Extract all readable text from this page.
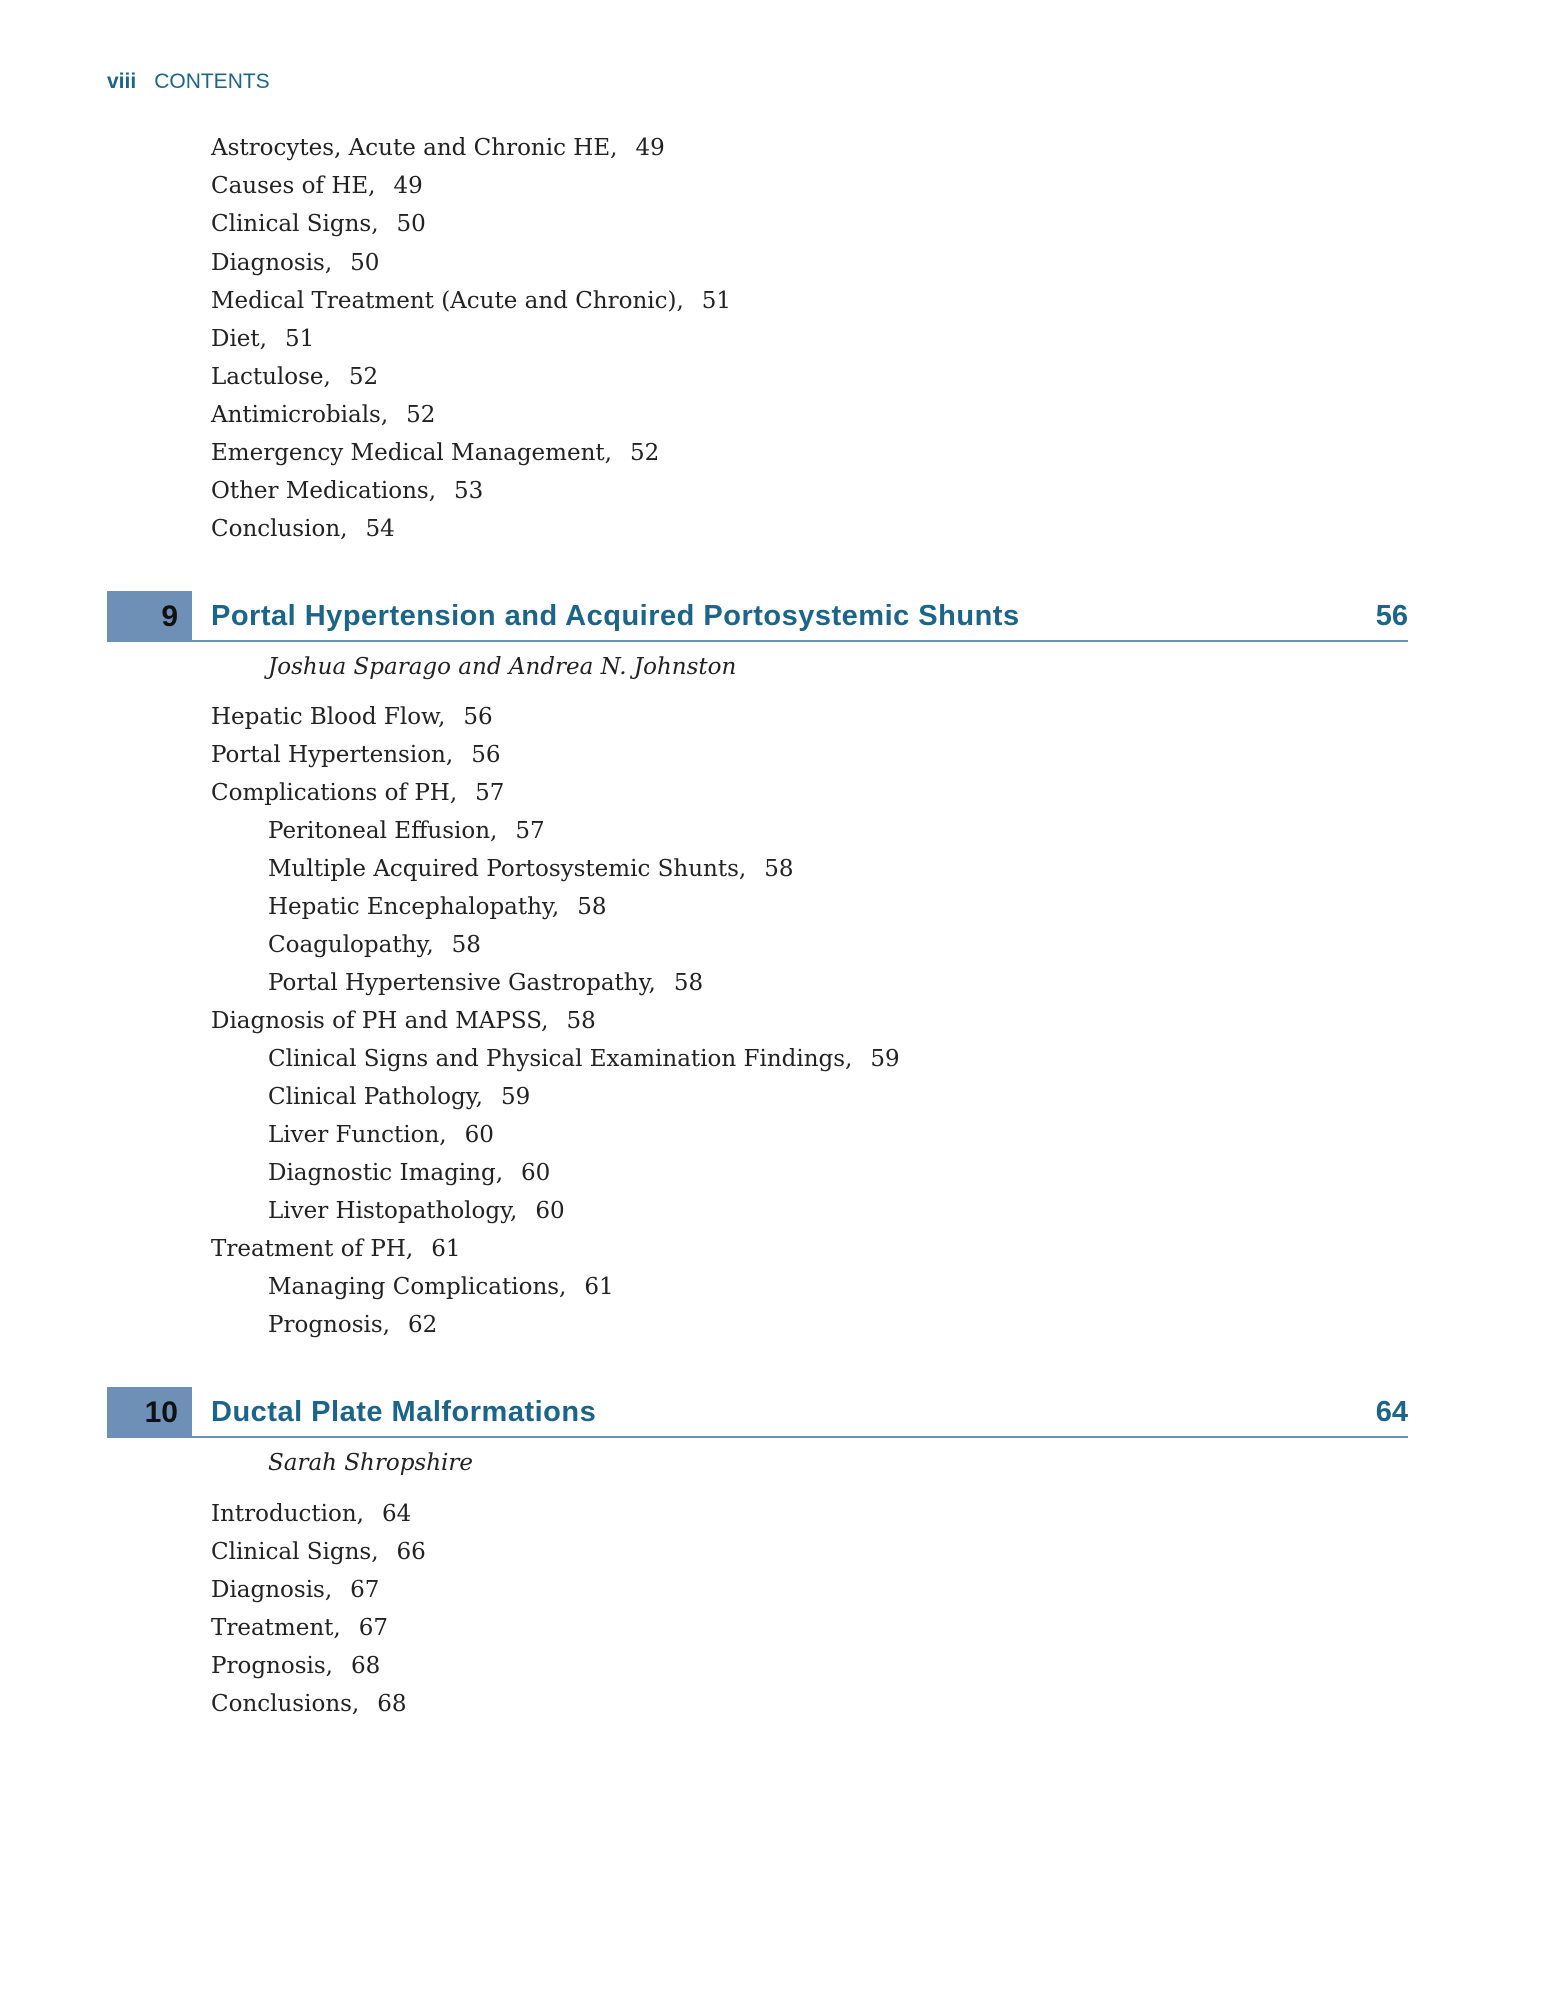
viii CONTENTS
Astrocytes, Acute and Chronic HE, 49
Causes of HE, 49
Clinical Signs, 50
Diagnosis, 50
Medical Treatment (Acute and Chronic), 51
Diet, 51
Lactulose, 52
Antimicrobials, 52
Emergency Medical Management, 52
Other Medications, 53
Conclusion, 54
9	Portal Hypertension and Acquired Portosystemic Shunts	56
Joshua Sparago and Andrea N. Johnston
Hepatic Blood Flow, 56
Portal Hypertension, 56
Complications of PH, 57
Peritoneal Effusion, 57
Multiple Acquired Portosystemic Shunts, 58
Hepatic Encephalopathy, 58
Coagulopathy, 58
Portal Hypertensive Gastropathy, 58
Diagnosis of PH and MAPSS, 58
Clinical Signs and Physical Examination Findings, 59
Clinical Pathology, 59
Liver Function, 60
Diagnostic Imaging, 60
Liver Histopathology, 60
Treatment of PH, 61
Managing Complications, 61
Prognosis, 62
10	Ductal Plate Malformations	64
Sarah Shropshire
Introduction, 64
Clinical Signs, 66
Diagnosis, 67
Treatment, 67
Prognosis, 68
Conclusions, 68
